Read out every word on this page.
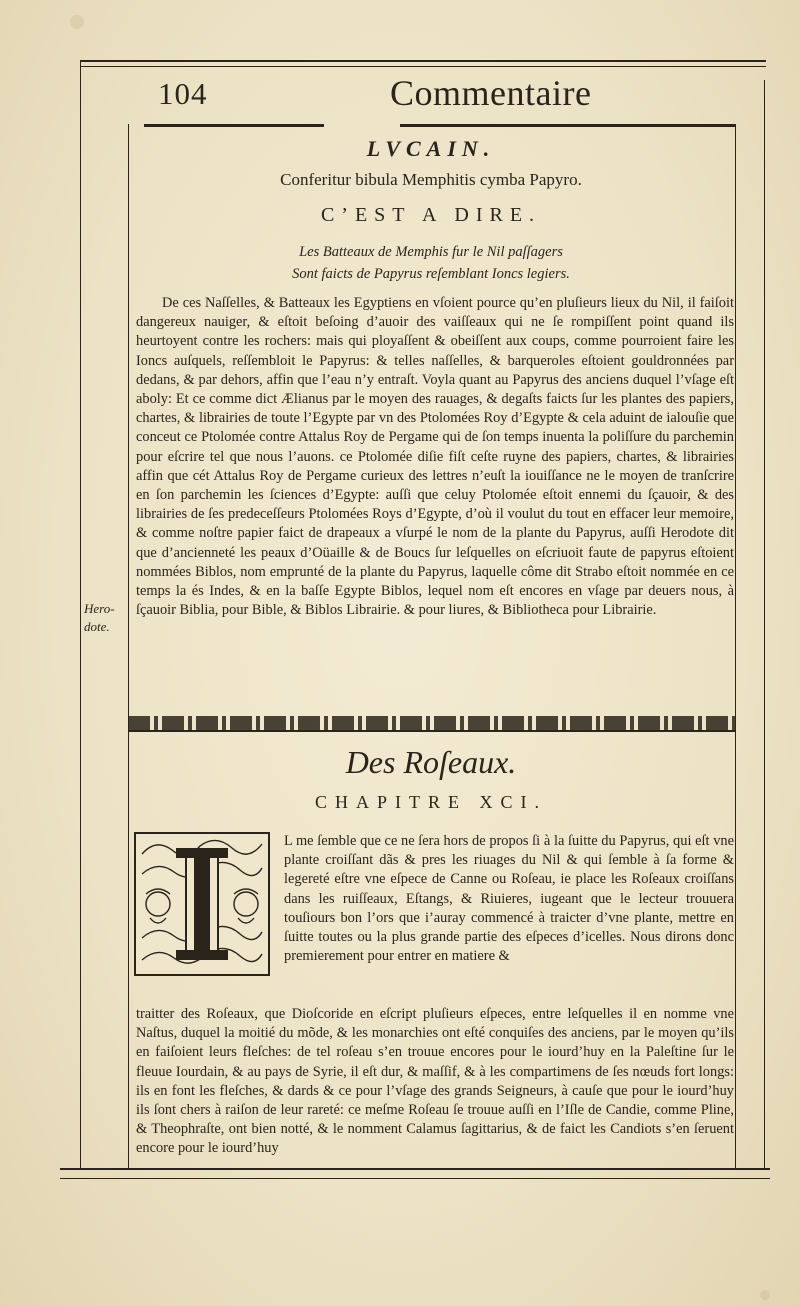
104	Commentaire
LVCAIN.
Conferitur bibula Memphitis cymba Papyro.
C’EST A DIRE.
Les Batteaux de Memphis fur le Nil paſſagers
Sont faicts de Papyrus reſemblant Ioncs legiers.

De ces Naſſelles, & Batteaux les Egyptiens en vſoient pource qu’en pluſieurs lieux du Nil, il faiſoit dangereux nauiger, & eſtoit beſoing d’auoir des vaiſſeaux qui ne ſe rompiſſent point quand ils heurtoyent contre les rochers: mais qui ployaſſent & obeiſſent aux coups, comme pourroient faire les Ioncs auſquels, reſſembloit le Papyrus: & telles naſſelles, & barqueroles eſtoient gouldronnées par dedans, & par dehors, affin que l’eau n’y entraſt. Voyla quant au Papyrus des anciens duquel l’vſage eſt aboly: Et ce comme dict Ælianus par le moyen des rauages, & degaſts faicts ſur les plantes des papiers, chartes, & librairies de toute l’Egypte par vn des Ptolomées Roy d’Egypte & cela aduint de ialouſie que conceut ce Ptolomée contre Attalus Roy de Pergame qui de ſon temps inuenta la poliſſure du parchemin pour eſcrire tel que nous l’auons. ce Ptolomée diſie fiſt ceſte ruyne des papiers, chartes, & librairies affin que cét Attalus Roy de Pergame curieux des lettres n’euſt la iouiſſance ne le moyen de tranſcrire en ſon parchemin les ſciences d’Egypte: auſſi que celuy Ptolomée eſtoit ennemi du ſçauoir, & des librairies de ſes predeceſſeurs Ptolomées Roys d’Egypte, d’où il voulut du tout en effacer leur memoire, & comme noſtre papier faict de drapeaux a vſurpé le nom de la plante du Papyrus, auſſi Herodote dit que d’ancienneté les peaux d’Oüaille & de Boucs ſur leſquelles on eſcriuoit faute de papyrus eſtoient nommées Biblos, nom emprunté de la plante du Papyrus, laquelle côme dit Strabo eſtoit nommée en ce temps la és Indes, & en la baſſe Egypte Biblos, lequel nom eſt encores en vſage par deuers nous, à ſçauoir Biblia, pour Bible, & Biblos Librairie. & pour liures, & Bibliotheca pour Librairie.

Hero-
dote.
Des Roſeaux.
CHAPITRE XCI.

L me ſemble que ce ne ſera hors de propos ſi à la ſuitte du Papyrus, qui eſt vne plante croiſſant dãs & pres les riuages du Nil & qui ſemble à ſa forme & legereté eſtre vne eſpece de Canne ou Roſeau, ie place les Roſeaux croiſſans dans les ruiſſeaux, Eſtangs, & Riuieres, iugeant que le lecteur trouuera touſiours bon l’ors que i’auray commencé à traicter d’vne plante, mettre en ſuitte toutes ou la plus grande partie des eſpeces d’icelles. Nous dirons donc premierement pour entrer en matiere &

traitter des Roſeaux, que Dioſcoride en eſcript pluſieurs eſpeces, entre leſquelles il en nomme vne Naſtus, duquel la moitié du mõde, & les monarchies ont eſté conquiſes des anciens, par le moyen qu’ils en faiſoient leurs fleſches: de tel roſeau s’en trouue encores pour le iourd’huy en la Paleſtine ſur le fleuue Iourdain, & au pays de Syrie, il eſt dur, & maſſif, & à les compartimens de ſes nœuds fort longs: ils en font les fleſches, & dards & ce pour l’vſage des grands Seigneurs, à cauſe que pour le iourd’huy ils ſont chers à raiſon de leur rareté: ce meſme Roſeau ſe trouue auſſi en l’Iſle de Candie, comme Pline, & Theophraſte, ont bien notté, & le nomment Calamus ſagittarius, & de faict les Candiots s’en ſeruent encore pour le iourd’huy
